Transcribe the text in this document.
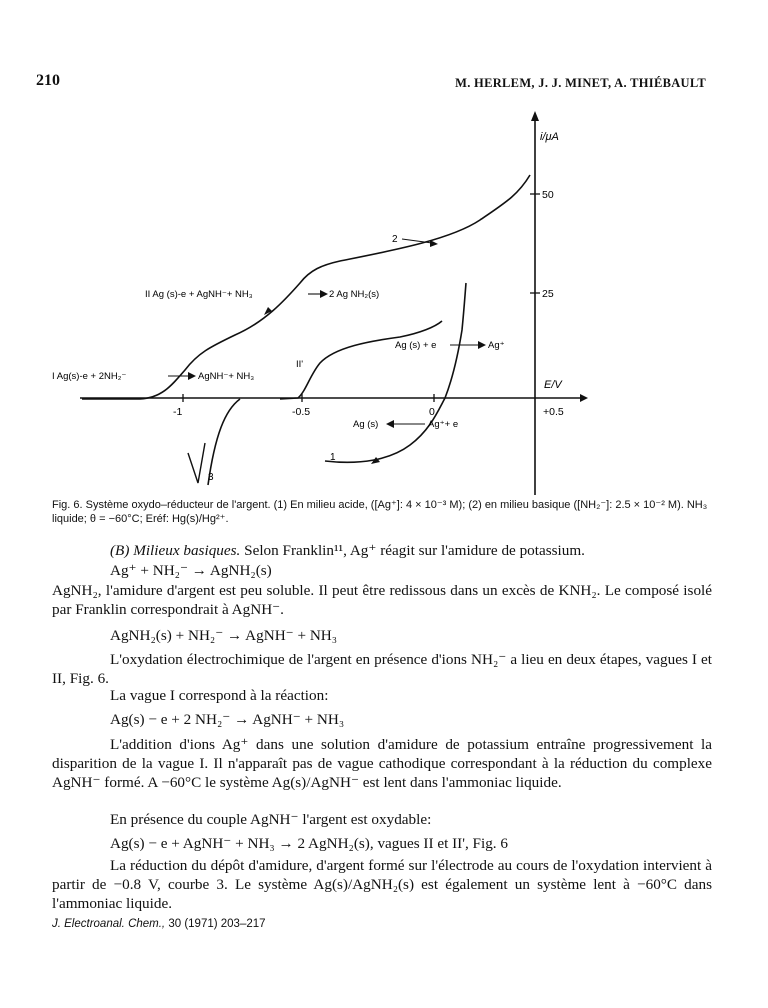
210	M. HERLEM, J. J. MINET, A. THIÉBAULT
i/μA
E/V
-1	-0.5	0	+0.5
50
25
2
II Ag (s)-e + AgNH⁻+ NH₃	2 Ag NH₂(s)
I Ag(s)-e + 2NH₂⁻	AgNH⁻+ NH₃
II'
Ag (s) + e	Ag⁺
Ag (s)	Ag⁺+ e
1
3
Fig. 6. Système oxydo–réducteur de l'argent. (1) En milieu acide, ([Ag⁺]: 4 × 10⁻³ M); (2) en milieu basique ([NH₂⁻]: 2.5 × 10⁻² M). NH₃ liquide; θ = −60°C; Eréf: Hg(s)/Hg²⁺.
(B) Milieux basiques. Selon Franklin¹¹, Ag⁺ réagit sur l'amidure de potassium.
Ag⁺ + NH₂⁻ → AgNH₂(s)
AgNH₂, l'amidure d'argent est peu soluble. Il peut être redissous dans un excès de KNH₂. Le composé isolé par Franklin correspondrait à AgNH⁻.
AgNH₂(s) + NH₂⁻ → AgNH⁻ + NH₃
L'oxydation électrochimique de l'argent en présence d'ions NH₂⁻ a lieu en deux étapes, vagues I et II, Fig. 6.
La vague I correspond à la réaction:
Ag(s) − e + 2 NH₂⁻ → AgNH⁻ + NH₃
L'addition d'ions Ag⁺ dans une solution d'amidure de potassium entraîne progressivement la disparition de la vague I. Il n'apparaît pas de vague cathodique correspondant à la réduction du complexe AgNH⁻ formé. A −60°C le système Ag(s)/AgNH⁻ est lent dans l'ammoniac liquide.
En présence du couple AgNH⁻ l'argent est oxydable:
Ag(s) − e + AgNH⁻ + NH₃ → 2 AgNH₂(s), vagues II et II', Fig. 6
La réduction du dépôt d'amidure, d'argent formé sur l'électrode au cours de l'oxydation intervient à partir de −0.8 V, courbe 3. Le système Ag(s)/AgNH₂(s) est également un système lent à −60°C dans l'ammoniac liquide.
J. Electroanal. Chem., 30 (1971) 203–217
